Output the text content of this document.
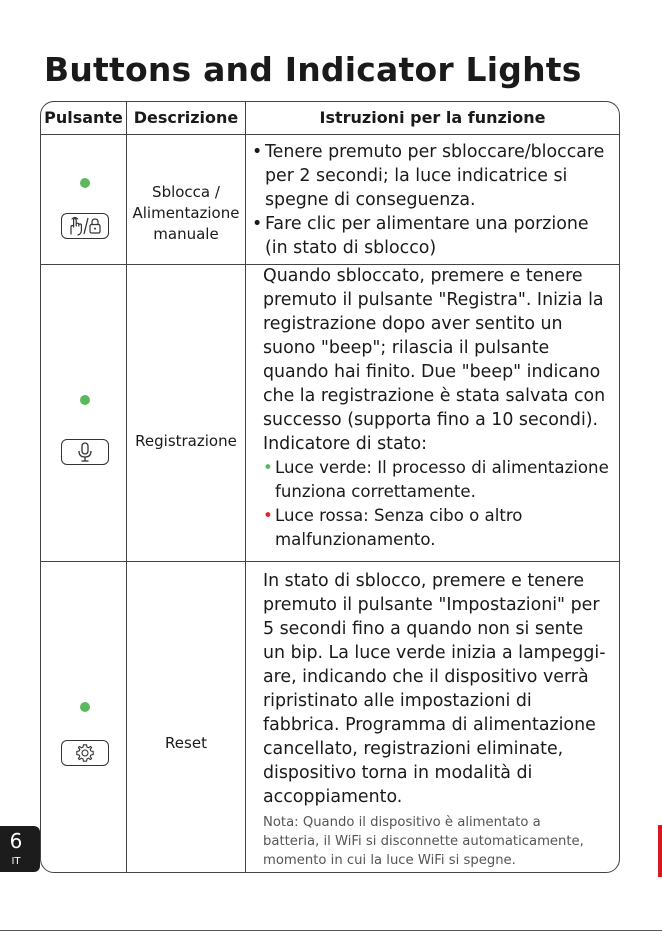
Buttons and Indicator Lights
Pulsante Descrizione	Istruzioni per la funzione
Sblocca /
Alimentazione
manuale
• Tenere premuto per sbloccare/bloccare
per 2 secondi; la luce indicatrice si
spegne di conseguenza.
• Fare clic per alimentare una porzione
(in stato di sblocco)
Registrazione
Quando sbloccato, premere e tenere
premuto il pulsante "Registra". Inizia la
registrazione dopo aver sentito un
suono "beep"; rilascia il pulsante
quando hai finito. Due "beep" indicano
che la registrazione è stata salvata con
successo (supporta fino a 10 secondi).
Indicatore di stato:
• Luce verde: Il processo di alimentazione
funziona correttamente.
• Luce rossa: Senza cibo o altro
malfunzionamento.
Reset
In stato di sblocco, premere e tenere
premuto il pulsante "Impostazioni" per
5 secondi fino a quando non si sente
un bip. La luce verde inizia a lampeggi-
are, indicando che il dispositivo verrà
ripristinato alle impostazioni di
fabbrica. Programma di alimentazione
cancellato, registrazioni eliminate,
dispositivo torna in modalità di
accoppiamento.
Nota: Quando il dispositivo è alimentato a
batteria, il WiFi si disconnette automaticamente,
momento in cui la luce WiFi si spegne.
6
IT
